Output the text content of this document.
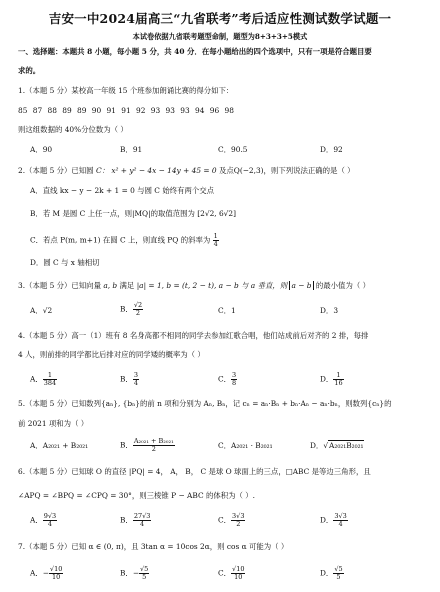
吉安一中2024届高三“九省联考”考后适应性测试数学试题一
本试卷依据九省联考题型命制，题型为8+3+3+5模式
一、选择题：本题共 8 小题，每小题 5 分，共 40 分．在每小题给出的四个选项中，只有一项是符合题目要
求的。
1.（本题 5 分）某校高一年级 15 个班参加朗诵比赛的得分如下：
85 87 88 89 89 90 91 91 92 93 93 93 94 96 98
则这组数据的 40%分位数为（ ）
A．90	B．91	C．90.5	D．92
2.（本题 5 分）已知圆 C： x² + y² − 4x − 14y + 45 = 0 及点Q(−2,3)，则下列说法正确的是（ ）
A．直线 kx − y − 2k + 1 = 0 与圆 C 始终有两个交点
B．若 M 是圆 C 上任一点，则|MQ|的取值范围为 [2√2, 6√2]
C．若点 P(m, m+1) 在圆 C 上，则直线 PQ 的斜率为 $\frac{1}{4}$
D．圆 C 与 x 轴相切
3.（本题 5 分）已知向量 a, b 满足 |a| = 1, b = (t, 2 − t), a − b 与 a 垂直，则 a − b 的最小值为（ ）
A．√2	B． $\frac{√2}{2}$	C．1	D．3
4.（本题 5 分）高一（1）班有 8 名身高都不相同的同学去参加红歌合唱，他们站成前后对齐的 2 排，每排
4 人，则前排的同学都比后排对应的同学矮的概率为（ ）
A． $\frac{1}{384}$	B． $\frac{3}{4}$	C． $\frac{3}{8}$	D． $\frac{1}{16}$
5.（本题 5 分）已知数列{aₙ}, {bₙ}的前 n 项和分别为 Aₙ, Bₙ，记 cₙ = aₙ·Bₙ + bₙ·Aₙ − aₙ·bₙ，则数列{cₙ}的
前 2021 项和为（ ）
A．A₂₀₂₁ + B₂₀₂₁	B． $\frac{\text{A₂₀₂₁ + B₂₀₂₁}}{2}$	C．A₂₀₂₁ · B₂₀₂₁	D．√A₂₀₂₁B₂₀₂₁
6.（本题 5 分）已知球 O 的直径 |PQ| = 4， A， B， C 是球 O 球面上的三点，□ABC 是等边三角形，且
∠APQ = ∠BPQ = ∠CPQ = 30°，则三棱锥 P − ABC 的体积为（ ）.
A． $\frac{9√3}{4}$	B． $\frac{27√3}{4}$	C． $\frac{3√3}{2}$	D． $\frac{3√3}{4}$
7.（本题 5 分）已知 α ∈ (0, π)，且 3tan α = 10cos 2α，则 cos α 可能为（ ）
A．− $\frac{√10}{10}$	B．− $\frac{√5}{5}$	C． $\frac{√10}{10}$	D． $\frac{√5}{5}$
